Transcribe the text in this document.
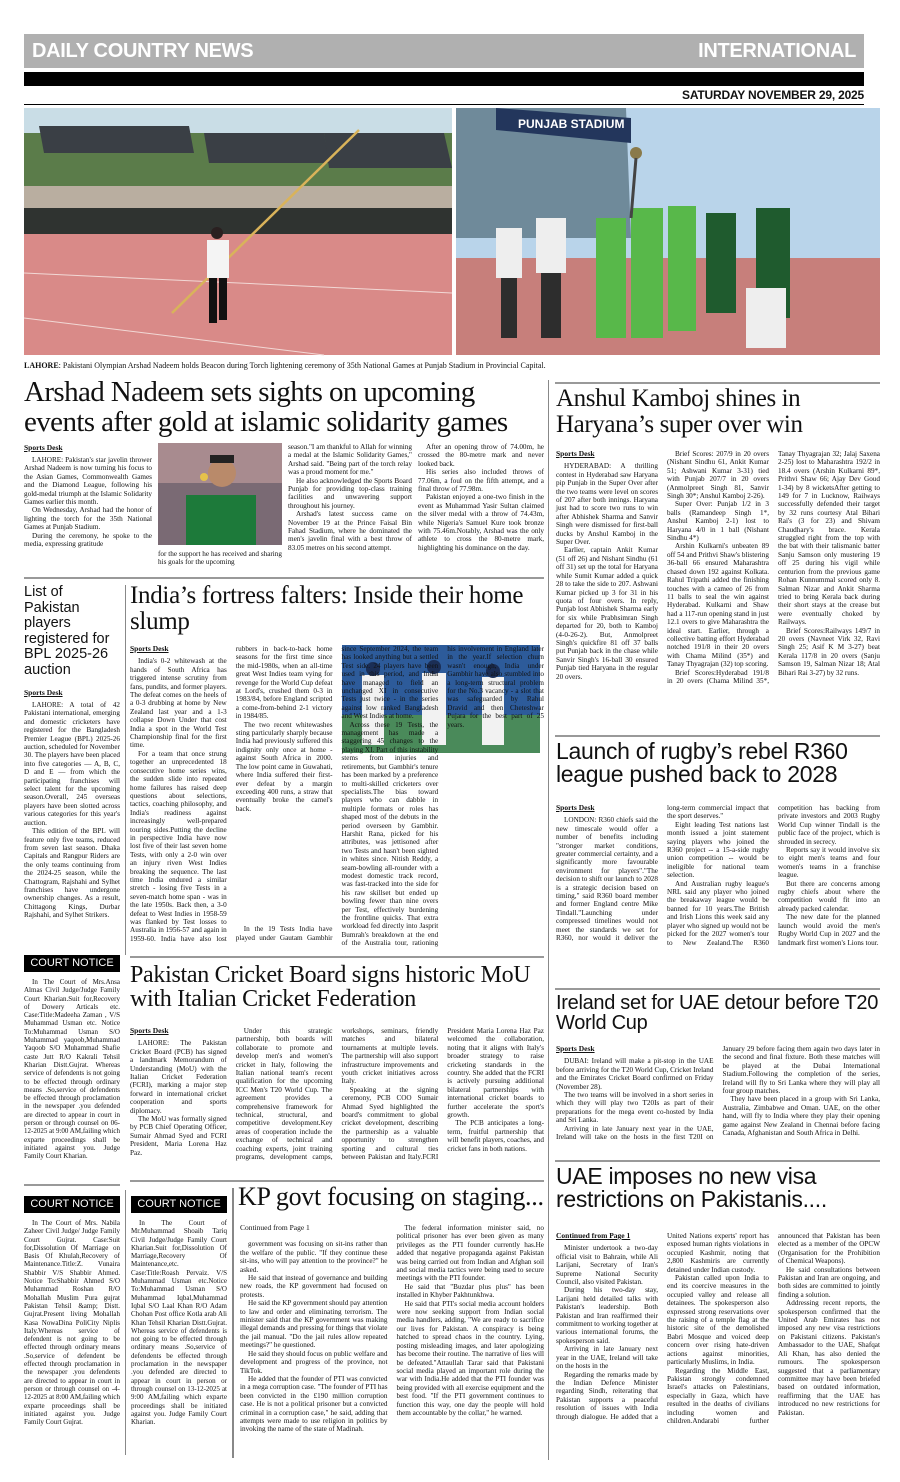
DAILY COUNTRY NEWS	INTERNATIONAL
SATURDAY NOVEMBER 29, 2025
PUNJAB STADIUM
LAHORE: Pakistani Olympian Arshad Nadeem holds Beacon during Torch lightening ceremony of 35th National Games at Punjab Stadium in Provincial Capital.
Arshad Nadeem sets sights on upcoming events after gold at islamic solidarity games
Sports Desk

LAHORE: Pakistan's star javelin thrower Arshad Nadeem is now turning his focus to the Asian Games, Commonwealth Games and the Diamond League, following his gold-medal triumph at the Islamic Solidarity Games earlier this month.

On Wednesday, Arshad had the honor of lighting the torch for the 35th National Games at Punjab Stadium.

During the ceremony, he spoke to the media, expressing gratitude

for the support he has received and sharing his goals for the upcoming

season."I am thankful to Allah for winning a medal at the Islamic Solidarity Games," Arshad said. "Being part of the torch relay was a proud moment for me."

He also acknowledged the Sports Board Punjab for providing top-class training facilities and unwavering support throughout his journey.

Arshad's latest success came on November 19 at the Prince Faisal Bin Fahad Stadium, where he dominated the men's javelin final with a best throw of 83.05 metres on his second attempt.

After an opening throw of 74.00m, he crossed the 80-metre mark and never looked back.

His series also included throws of 77.06m, a foul on the fifth attempt, and a final throw of 77.98m.

Pakistan enjoyed a one-two finish in the event as Muhammad Yasir Sultan claimed the silver medal with a throw of 74.43m, while Nigeria's Samuel Kure took bronze with 75.46m.Notably, Arshad was the only athlete to cross the 80-metre mark, highlighting his dominance on the day.

Anshul Kamboj shines in Haryana’s super over win
Sports Desk

HYDERABAD: A thrilling contest in Hyderabad saw Haryana pip Punjab in the Super Over after the two teams were level on scores of 207 after both innings. Haryana just had to score two runs to win after Abhishek Sharma and Sanvir Singh were dismissed for first-ball ducks by Anshul Kamboj in the Super Over.

Earlier, captain Ankit Kumar (51 off 26) and Nishant Sindhu (61 off 31) set up the total for Haryana while Sumit Kumar added a quick 28 to take the side to 207. Ashwani Kumar picked up 3 for 31 in his quota of four overs. In reply, Punjab lost Abhishek Sharma early for six while Prabhsimran Singh departed for 20, both to Kamboj (4-0-26-2). But, Anmolpreet Singh's quickfire 81 off 37 balls put Punjab back in the chase while Sanvir Singh's 16-ball 30 ensured Punjab tied Haryana in the regular 20 overs.

Brief Scores: 207/9 in 20 overs (Nishant Sindhu 61, Ankit Kumar 51; Ashwani Kumar 3-31) tied with Punjab 207/7 in 20 overs (Anmolpreet Singh 81, Sanvir Singh 30*; Anshul Kamboj 2-26).

Super Over: Punjab 1/2 in 3 balls (Ramandeep Singh 1*, Anshul Kamboj 2-1) lost to Haryana 4/0 in 1 ball (Nishant Sindhu 4*)

Arshin Kulkarni's unbeaten 89 off 54 and Prithvi Shaw's blistering 36-ball 66 ensured Maharashtra chased down 192 against Kolkata. Rahul Tripathi added the finishing touches with a cameo of 26 from 11 balls to seal the win against Hyderabad. Kulkarni and Shaw had a 117-run opening stand in just 12.1 overs to give Maharashtra the ideal start. Earlier, through a collective batting effort Hyderabad notched 191/8 in their 20 overs with Chama Milind (35*) and Tanay Thyagrajan (32) top scoring.

Brief Scores:Hyderabad 191/8 in 20 overs (Chama Milind 35*, Tanay Thyagrajan 32; Jalaj Saxena 2-25) lost to Maharashtra 192/2 in 18.4 overs (Arshin Kulkarni 89*, Prithvi Shaw 66; Ajay Dev Goud 1-34) by 8 wicketsAfter getting to 149 for 7 in Lucknow, Railways successfully defended their target by 32 runs courtesy Atal Bihari Rai's (3 for 23) and Shivam Chaudhary's brace. Kerala struggled right from the top with the bat with their talismanic batter Sanju Samson only mustering 19 off 25 during his vigil while centurion from the previous game Rohan Kunnummal scored only 8. Salman Nizar and Ankit Sharma tried to bring Kerala back during their short stays at the crease but were eventually choked by Railways.

Brief Scores:Railways 149/7 in 20 overs (Navneet Virk 32, Ravi Singh 25; Asif K M 3-27) beat Kerala 117/8 in 20 overs (Sanju Samson 19, Salman Nizar 18; Atal Bihari Rai 3-27) by 32 runs.

List of Pakistan players registered for BPL 2025-26 auction
Sports Desk

LAHORE: A total of 42 Pakistani international, emerging and domestic cricketers have registered for the Bangladesh Premier League (BPL) 2025-26 auction, scheduled for November 30. The players have been placed into five categories — A, B, C, D and E — from which the participating franchises will select talent for the upcoming season.Overall, 245 overseas players have been slotted across various categories for this year's auction.

This edition of the BPL will feature only five teams, reduced from seven last season. Dhaka Capitals and Rangpur Riders are the only teams continuing from the 2024-25 season, while the Chattogram, Rajshahi and Sylhet franchises have undergone ownership changes. As a result, Chittagong Kings, Durbar Rajshahi, and Sylhet Strikers.

India’s fortress falters: Inside their home slump
Sports Desk

India's 0-2 whitewash at the hands of South Africa has triggered intense scrutiny from fans, pundits, and former players. The defeat comes on the heels of a 0-3 drubbing at home by New Zealand last year and a 1-3 collapse Down Under that cost India a spot in the World Test Championship final for the first time.

For a team that once strung together an unprecedented 18 consecutive home series wins, the sudden slide into repeated home failures has raised deep questions about selections, tactics, coaching philosophy, and India's readiness against increasingly well-prepared touring sides.Putting the decline in perspective India have now lost five of their last seven home Tests, with only a 2-0 win over an injury riven West Indies breaking the sequence. The last time India endured a similar stretch - losing five Tests in a seven-match home span - was in the late 1950s. Back then, a 3-0 defeat to West Indies in 1958-59 was flanked by Test losses to Australia in 1956-57 and again in 1959-60. India have also lost rubbers in back-to-back home seasons for the first time since the mid-1980s, when an all-time great West Indies team vying for revenge for the World Cup defeat at Lord's, crushed them 0-3 in 1983/84, before England scripted a come-from-behind 2-1 victory in 1984/85.

The two recent whitewashes sting particularly sharply because India had previously suffered this indignity only once at home - against South Africa in 2000. The low point came in Guwahati, where India suffered their first-ever defeat by a margin exceeding 400 runs, a straw that eventually broke the camel's back.

In the 19 Tests India have played under Gautam Gambhir since September 2024, the team has looked anything but a settled Test side. 24 players have been used in this period, and India have managed to field an unchanged XI in consecutive Tests just twice - in the series against low ranked Bangladesh and West Indies at home.

Across these 19 Tests, the management has made a staggering 45 changes to the playing XI. Part of this instability stems from injuries and retirements, but Gambhir's tenure has been marked by a preference to multi-skilled cricketers over specialists.The bias toward players who can dabble in multiple formats or roles has shaped most of the debuts in the period overseen by Gambhir. Harshit Rana, picked for his attributes, was jettisoned after two Tests and hasn't been sighted in whites since. Nitish Reddy, a seam-bowling all-rounder with a modest domestic track record, was fast-tracked into the side for his raw skillset but ended up bowling fewer than nine overs per Test, effectively burdening the frontline quicks. That extra workload fed directly into Jasprit Bumrah's breakdown at the end of the Australia tour, rationing his involvement in England later in the year.If selection churn wasn't enough, India under Gambhir have also stumbled into a long-term structural problem for the No.3 vacancy - a slot that was safeguarded by Rahul Dravid and then Cheteshwar Pujara for the best part of 25 years.

Launch of rugby’s rebel R360 league pushed back to 2028
Sports Desk

LONDON: R360 chiefs said the new timescale would offer a number of benefits including "stronger market conditions, greater commercial certainty, and a significantly more favourable environment for players"."The decision to shift our launch to 2028 is a strategic decision based on timing," said R360 board member and former England centre Mike Tindall."Launching under compressed timelines would not meet the standards we set for R360, nor would it deliver the long-term commercial impact that the sport deserves."

Eight leading Test nations last month issued a joint statement saying players who joined the R360 project -- a 15-a-side rugby union competition -- would be ineligible for national team selection.

And Australian rugby league's NRL said any player who joined the breakaway league would be banned for 10 years.The British and Irish Lions this week said any player who signed up would not be picked for the 2027 women's tour to New Zealand.The R360 competition has backing from private investors and 2003 Rugby World Cup winner Tindall is the public face of the project, which is shrouded in secrecy.

Reports say it would involve six to eight men's teams and four women's teams in a franchise league.

But there are concerns among rugby chiefs about where the competition would fit into an already packed calendar.

The new date for the planned launch would avoid the men's Rugby World Cup in 2027 and the landmark first women's Lions tour.

COURT NOTICE

In The Court of Mrs.Ansa Almas Civil Judge/Judge Family Court Kharian.Suit for,Recovery of Dowery Articals etc. Case:Title:Madeeha Zaman , V/S Muhammad Usman etc. Notice To:Muhammad Usman S/O Muhammad yaqoob,Muhammad Yaqoob S/O Muhammad Shafie caste Jutt R/O Kakrali Tehsil Kharian Distt.Gujrat. Whereas service of defendents is not going to be effected through ordinary means .So,service of defendents be effected through proclamation in the newspaper .you defended are directed to appear in court in person or through counsel on 06-12-2025 at 9:00 AM,failing which exparte proceedings shall be initiated against you. Judge Family Court Kharian.

Pakistan Cricket Board signs historic MoU with Italian Cricket Federation
Sports Desk

LAHORE: The Pakistan Cricket Board (PCB) has signed a landmark Memorandum of Understanding (MoU) with the Italian Cricket Federation (FCRI), marking a major step forward in international cricket cooperation and sports diplomacy.

The MoU was formally signed by PCB Chief Operating Officer, Sumair Ahmad Syed and FCRI President, Maria Lorena Haz Paz.

Under this strategic partnership, both boards will collaborate to promote and develop men's and women's cricket in Italy, following the Italian national team's recent qualification for the upcoming ICC Men's T20 World Cup. The agreement provides a comprehensive framework for technical, structural, and competitive development.Key areas of cooperation include the exchange of technical and coaching experts, joint training programs, development camps, workshops, seminars, friendly matches and bilateral tournaments at multiple levels. The partnership will also support infrastructure improvements and youth cricket initiatives across Italy.

Speaking at the signing ceremony, PCB COO Sumair Ahmad Syed highlighted the board's commitment to global cricket development, describing the partnership as a valuable opportunity to strengthen sporting and cultural ties between Pakistan and Italy.FCRI President Maria Lorena Haz Paz welcomed the collaboration, noting that it aligns with Italy's broader strategy to raise cricketing standards in the country. She added that the FCRI is actively pursuing additional bilateral partnerships with international cricket boards to further accelerate the sport's growth.

The PCB anticipates a long-term, fruitful partnership that will benefit players, coaches, and cricket fans in both nations.

Ireland set for UAE detour before T20 World Cup
Sports Desk

DUBAI: Ireland will make a pit-stop in the UAE before arriving for the T20 World Cup, Cricket Ireland and the Emirates Cricket Board confirmed on Friday (November 28).

The two teams will be involved in a short series in which they will play two T20Is as part of their preparations for the mega event co-hosted by India and Sri Lanka.

Arriving in late January next year in the UAE, Ireland will take on the hosts in the first T20I on January 29 before facing them again two days later in the second and final fixture. Both these matches will be played at the Dubai International Stadium.Following the completion of the series, Ireland will fly to Sri Lanka where they will play all four group matches.

They have been placed in a group with Sri Lanka, Australia, Zimbabwe and Oman. UAE, on the other hand, will fly to India where they play their opening game against New Zealand in Chennai before facing Canada, Afghanistan and South Africa in Delhi.

COURT NOTICE

In The Court of Mrs. Nabila Zaheer Civil Judge/ Judge Family Court Gujrat. Case:Suit for,Dissolution Of Marriage on Basis Of Khulah,Recovery of Maintenance.Title:Z. Vunaira Shabbir V/S Shabbir Ahmed. Notice To:Shabbir Ahmed S/O Muhammad Roshan R/O Mohallah Muslim Pura gujrat Pakistan Tehsil &amp; Distt. Gujrat.Present living Mohallah Kasa NowaDina PoliCity Niplis Italy.Whereas service of defendent is not going to be effected through ordinary means .So,service of defendent be effected through proclamation in the newspaper .you defendents are directed to appear in court in person or through counsel on -4-12-2025 at 8:00 AM,failing which exparte proceedings shall be initiated against you. Judge Family Court Gujrat.

COURT NOTICE

In The Court of Mr.Muhammad Shoaib Tariq Civil Judge/Judge Family Court Kharian.Suit for,Dissolution Of Marriage,Recovery Of Maintenance,etc. Case:Title:Roash Pervaiz. V/S Muhammad Usman etc.Notice To:Muhammad Usman S/O Muhammad Iqbal,Muhammad Iqbal S/O Laal Khan R/O Adam Chohan Post office Kotla arab Ali Khan Tehsil Kharian Distt.Gujrat. Whereas service of defendents is not going to be effected through ordinary means .So,service of defendents be effected through proclamation in the newspaper .you defended are directed to appear in court in person or through counsel on 13-12-2025 at 9:00 AM,failing which exparte proceedings shall be initiated against you. Judge Family Court Kharian.

KP govt focusing on staging...
Continued from Page 1

government was focusing on sit-ins rather than the welfare of the public. "If they continue these sit-ins, who will pay attention to the province?" he asked.

He said that instead of governance and building new roads, the KP government had focused on protests.

He said the KP government should pay attention to law and order and eliminating terrorism. The minister said that the KP government was making illegal demands and pressing for things that violate the jail manual. "Do the jail rules allow repeated meetings?" he questioned.

He said they should focus on public welfare and development and progress of the province, not TikTok.

He added that the founder of PTI was convicted in a mega corruption case. "The founder of PTI has been convicted in the £190 million corruption case. He is not a political prisoner but a convicted criminal in a corruption case," he said, adding that attempts were made to use religion in politics by invoking the name of the state of Madinah.

The federal information minister said, no political prisoner has ever been given as many privileges as the PTI founder currently has.He added that negative propaganda against Pakistan was being carried out from Indian and Afghan soil and social media tactics were being used to secure meetings with the PTI founder.

He said that "Buzdar plus plus" has been installed in Khyber Pakhtunkhwa.

He said that PTI's social media account holders were now seeking support from Indian social media handlers, adding, "We are ready to sacrifice our lives for Pakistan. A conspiracy is being hatched to spread chaos in the country. Lying, posting misleading images, and later apologizing has become their routine. The narrative of lies will be defeated."Attaullah Tarar said that Pakistani social media played an important role during the war with India.He added that the PTI founder was being provided with all exercise equipment and the best food. "If the PTI government continues to function this way, one day the people will hold them accountable by the collar," he warned.

UAE imposes no new visa restrictions on Pakistanis....
Continued from Page 1

Minister undertook a two-day official visit to Bahrain, while Ali Larijani, Secretary of Iran's Supreme National Security Council, also visited Pakistan.

During his two-day stay, Larijani held detailed talks with Pakistan's leadership. Both Pakistan and Iran reaffirmed their commitment to working together at various international forums, the spokesperson said.

Arriving in late January next year in the UAE, Ireland will take on the hosts in the

Regarding the remarks made by the Indian Defence Minister regarding Sindh, reiterating that Pakistan supports a peaceful resolution of issues with India through dialogue. He added that a United Nations experts' report has exposed human rights violations in occupied Kashmir, noting that 2,800 Kashmiris are currently detained under Indian custody.

Pakistan called upon India to end its coercive measures in the occupied valley and release all detainees. The spokesperson also expressed strong reservations over the raising of a temple flag at the historic site of the demolished Babri Mosque and voiced deep concern over rising hate-driven actions against minorities, particularly Muslims, in India.

Regarding the Middle East, Pakistan strongly condemned Israel's attacks on Palestinians, especially in Gaza, which have resulted in the deaths of civilians including women and children.Andarabi further announced that Pakistan has been elected as a member of the OPCW (Organisation for the Prohibition of Chemical Weapons).

He said consultations between Pakistan and Iran are ongoing, and both sides are committed to jointly finding a solution.

Addressing recent reports, the spokesperson confirmed that the United Arab Emirates has not imposed any new visa restrictions on Pakistani citizens. Pakistan's Ambassador to the UAE, Shafqat Ali Khan, has also denied the rumours. The spokesperson suggested that a parliamentary committee may have been briefed based on outdated information, reaffirming that the UAE has introduced no new restrictions for Pakistan.
